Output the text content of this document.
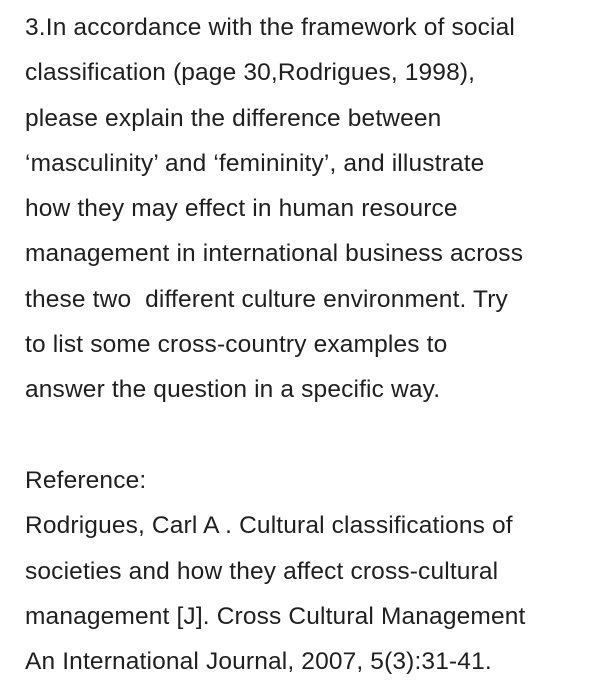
3.In accordance with the framework of social
classification (page 30,Rodrigues, 1998),
please explain the difference between
‘masculinity’ and ‘femininity’, and illustrate
how they may effect in human resource
management in international business across
these two  different culture environment. Try
to list some cross-country examples to
answer the question in a specific way.
Reference:
Rodrigues, Carl A . Cultural classifications of
societies and how they affect cross-cultural
management [J]. Cross Cultural Management
An International Journal, 2007, 5(3):31-41.
